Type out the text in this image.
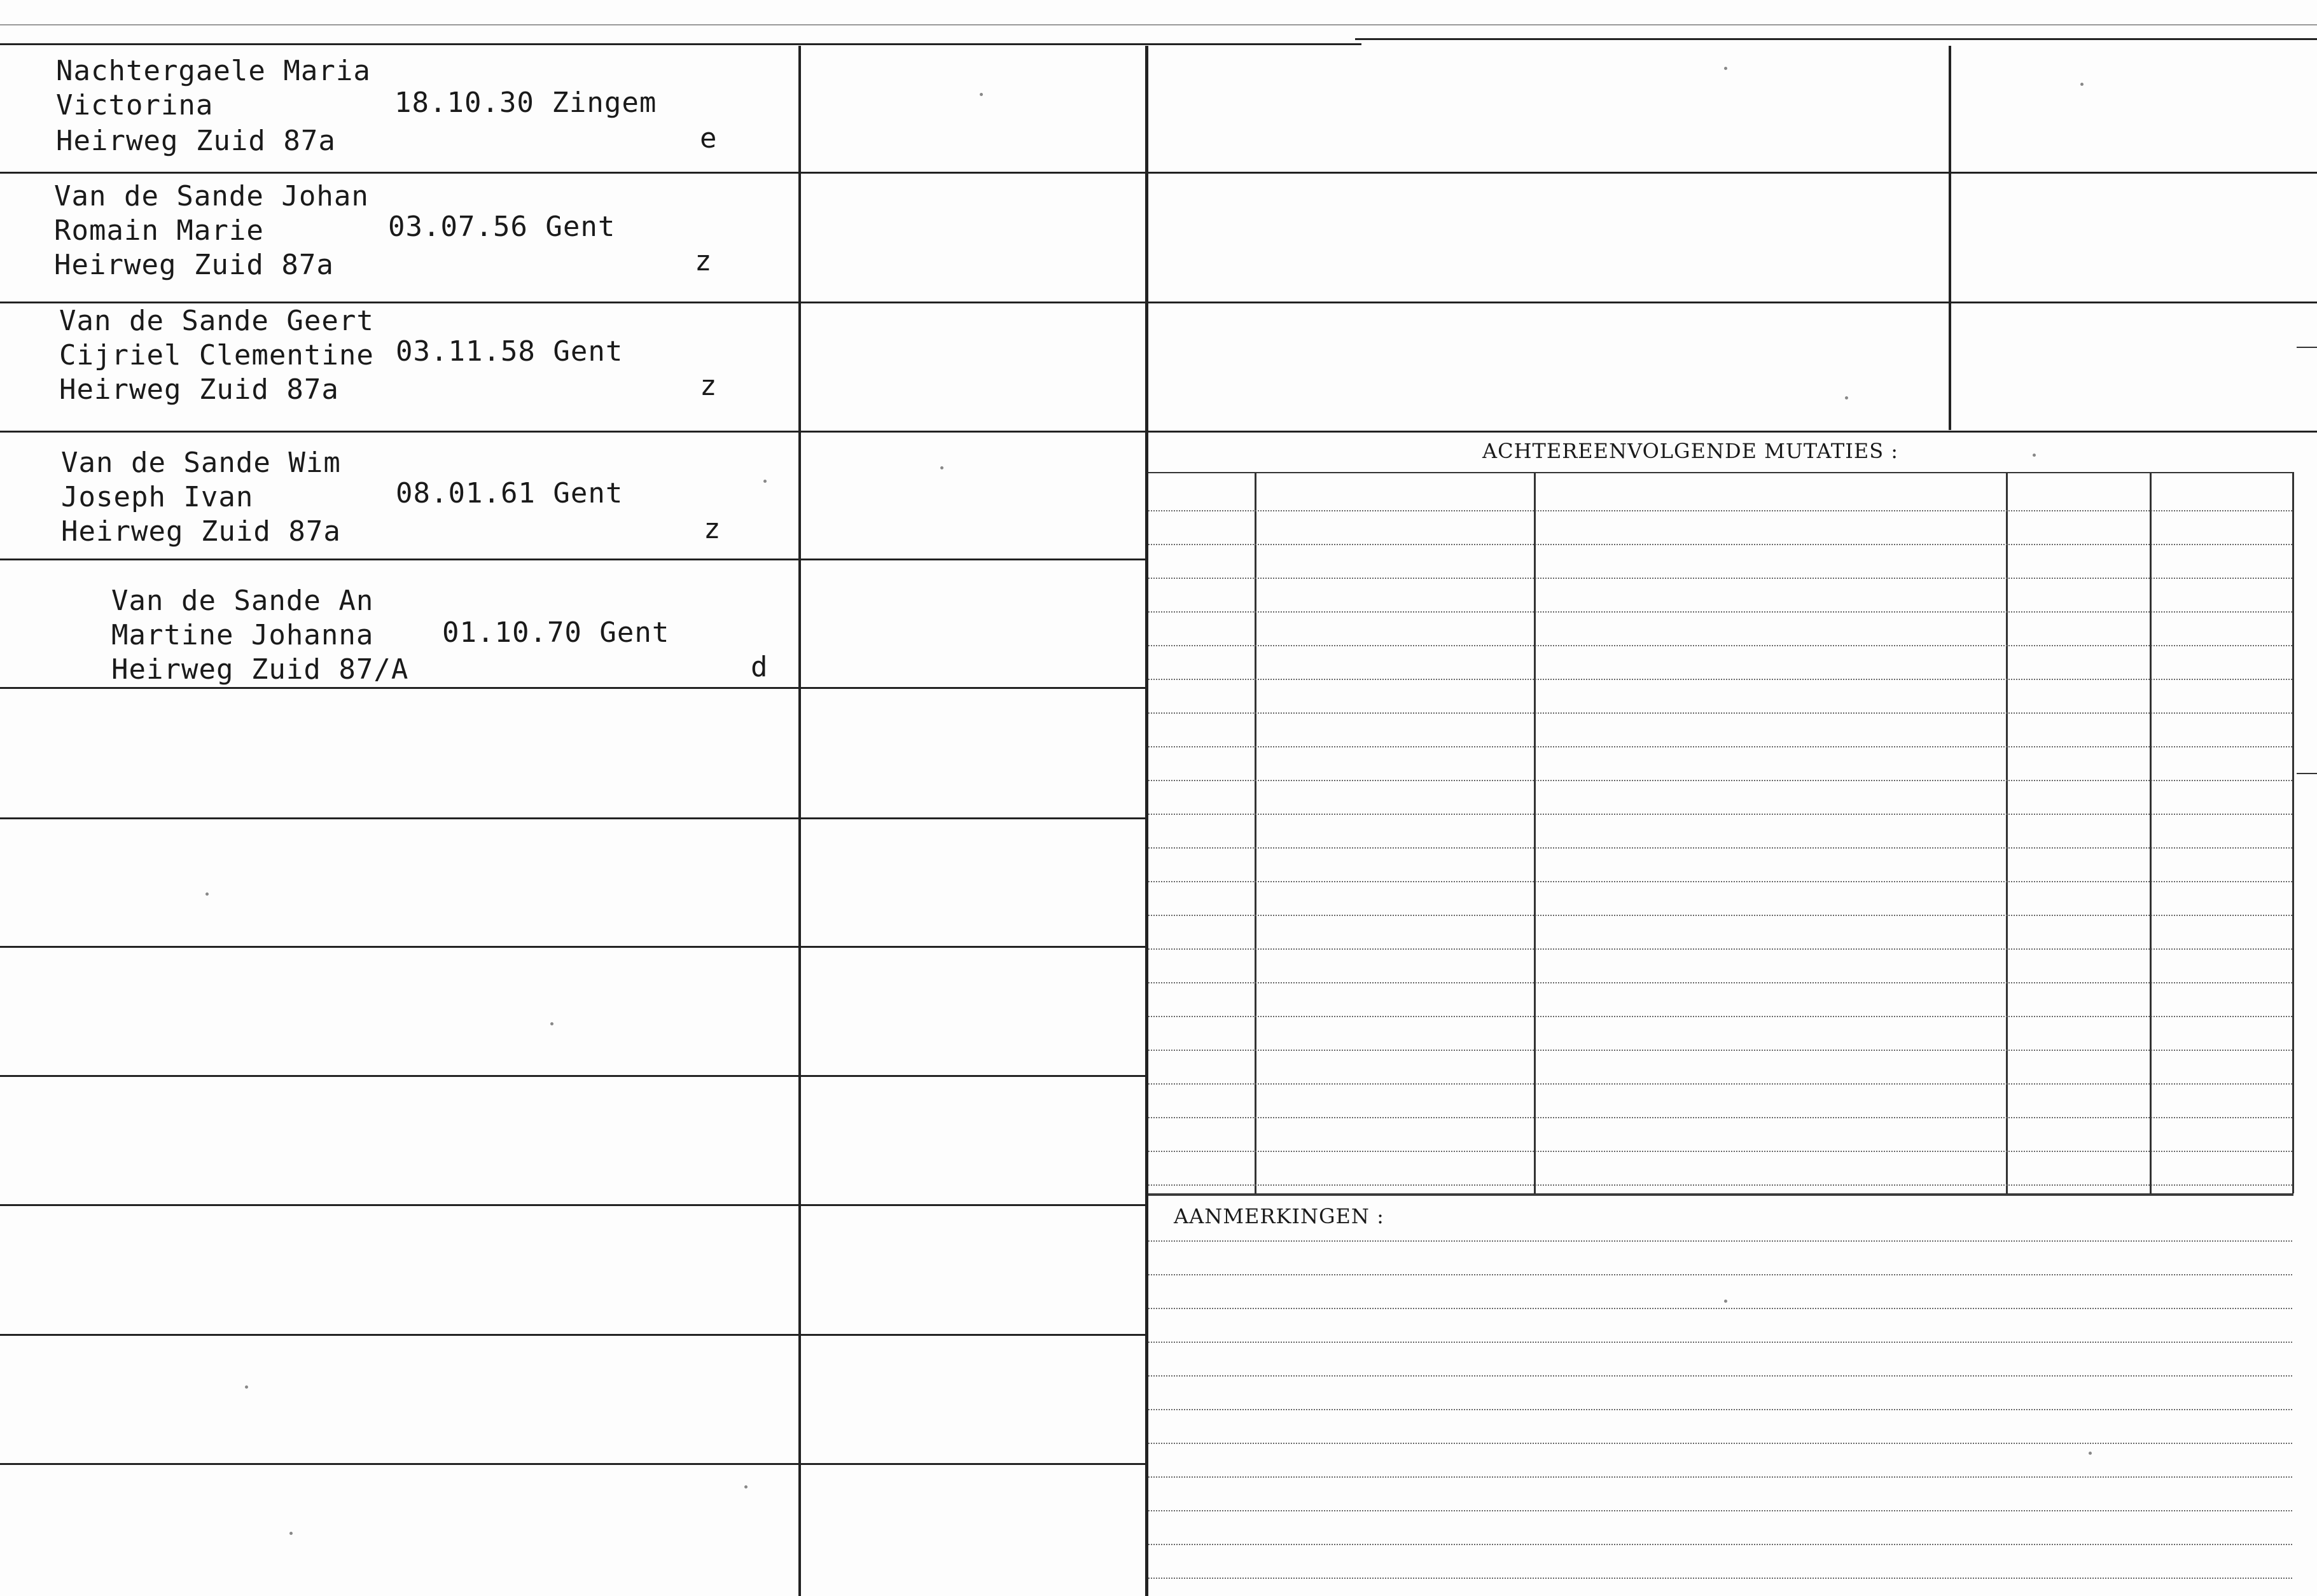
ACHTEREENVOLGENDE MUTATIES :
AANMERKINGEN :
Nachtergaele Maria
Victorina
Heirweg Zuid 87a
18.10.30 Zingem
e
Van de Sande Johan
Romain Marie
Heirweg Zuid 87a
03.07.56 Gent
z
Van de Sande Geert
Cijriel Clementine
Heirweg Zuid 87a
03.11.58 Gent
z
Van de Sande Wim
Joseph Ivan
Heirweg Zuid 87a
08.01.61 Gent
z
Van de Sande An
Martine Johanna
Heirweg Zuid 87/A
01.10.70 Gent
d
